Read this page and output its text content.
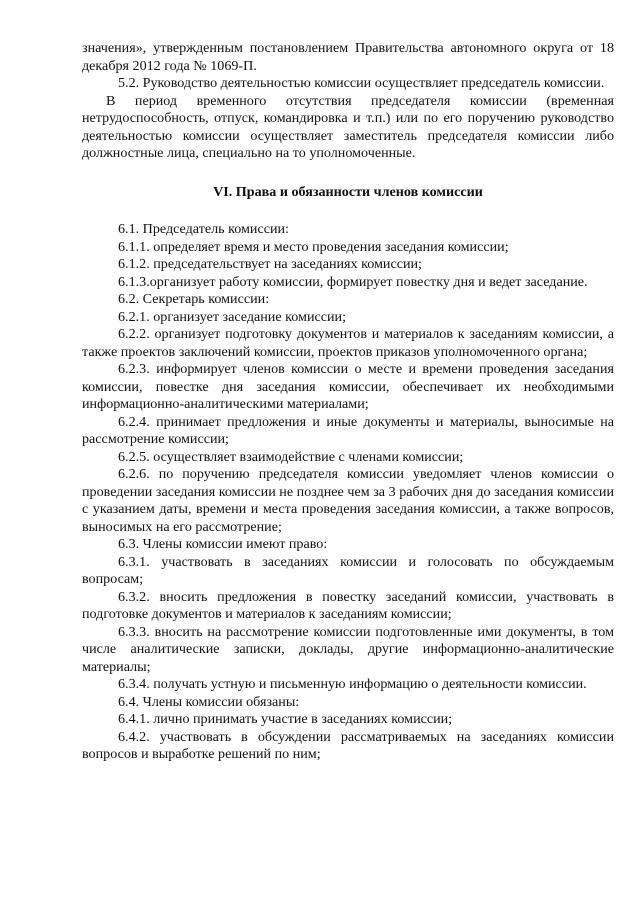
значения», утвержденным постановлением Правительства автономного округа от 18 декабря 2012 года № 1069-П.

5.2. Руководство деятельностью комиссии осуществляет председатель комиссии.

В период временного отсутствия председателя комиссии (временная нетрудоспособность, отпуск, командировка и т.п.) или по его поручению руководство деятельностью комиссии осуществляет заместитель председателя комиссии либо должностные лица, специально на то уполномоченные.

VI. Права и обязанности членов комиссии

6.1. Председатель комиссии:

6.1.1. определяет время и место проведения заседания комиссии;

6.1.2. председательствует на заседаниях комиссии;

6.1.3.организует работу комиссии, формирует повестку дня и ведет заседание.

6.2. Секретарь комиссии:

6.2.1. организует заседание комиссии;

6.2.2. организует подготовку документов и материалов к заседаниям комиссии, а также проектов заключений комиссии, проектов приказов уполномоченного органа;

6.2.3. информирует членов комиссии о месте и времени проведения заседания комиссии, повестке дня заседания комиссии, обеспечивает их необходимыми информационно-аналитическими материалами;

6.2.4. принимает предложения и иные документы и материалы, выносимые на рассмотрение комиссии;

6.2.5. осуществляет взаимодействие с членами комиссии;

6.2.6. по поручению председателя комиссии уведомляет членов комиссии о проведении заседания комиссии не позднее чем за 3 рабочих дня до заседания комиссии с указанием даты, времени и места проведения заседания комиссии, а также вопросов, выносимых на его рассмотрение;

6.3. Члены комиссии имеют право:

6.3.1. участвовать в заседаниях комиссии и голосовать по обсуждаемым вопросам;

6.3.2. вносить предложения в повестку заседаний комиссии, участвовать в подготовке документов и материалов к заседаниям комиссии;

6.3.3. вносить на рассмотрение комиссии подготовленные ими документы, в том числе аналитические записки, доклады, другие информационно-аналитические материалы;

6.3.4. получать устную и письменную информацию о деятельности комиссии.

6.4. Члены комиссии обязаны:

6.4.1. лично принимать участие в заседаниях комиссии;

6.4.2. участвовать в обсуждении рассматриваемых на заседаниях комиссии вопросов и выработке решений по ним;
